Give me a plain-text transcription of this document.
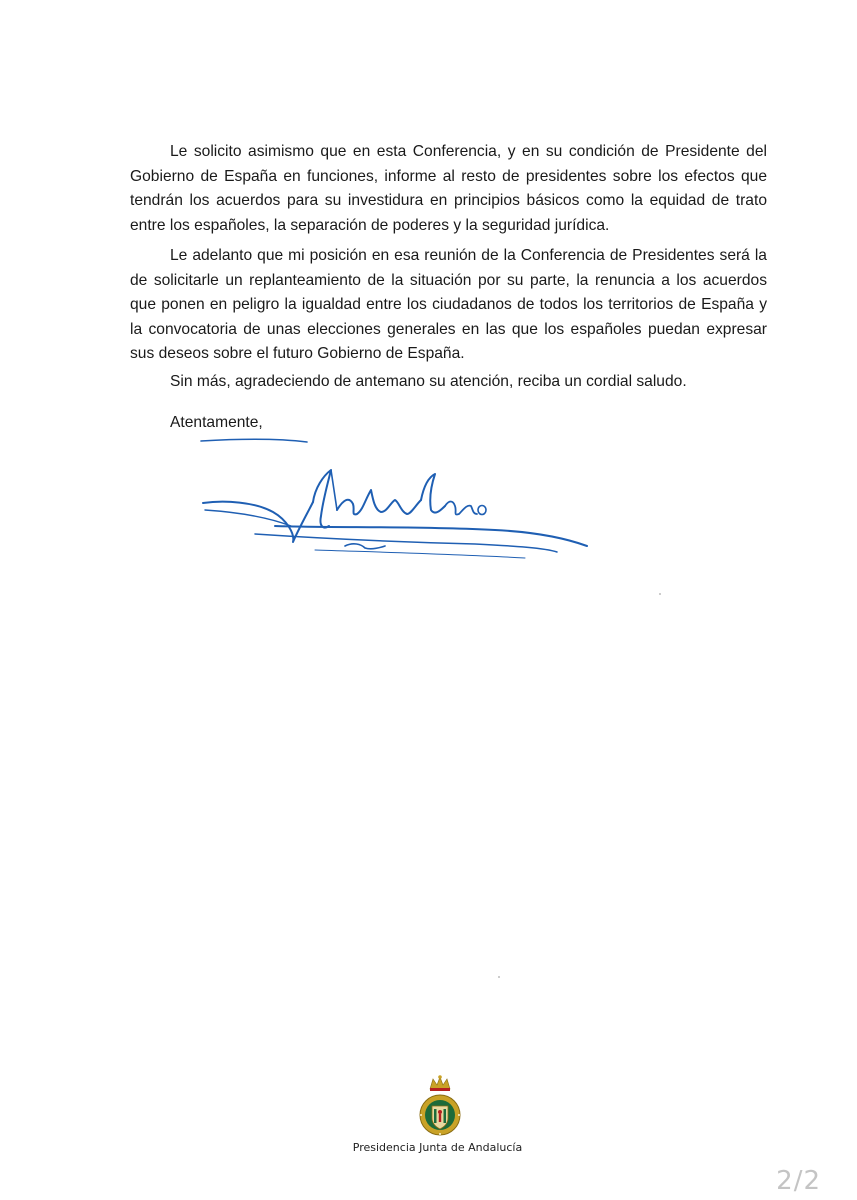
Le solicito asimismo que en esta Conferencia, y en su condición de Presidente del Gobierno de España en funciones, informe al resto de presidentes sobre los efectos que tendrán los acuerdos para su investidura en principios básicos como la equidad de trato entre los españoles, la separación de poderes y la seguridad jurídica.

Le adelanto que mi posición en esa reunión de la Conferencia de Presidentes será la de solicitarle un replanteamiento de la situación por su parte, la renuncia a los acuerdos que ponen en peligro la igualdad entre los ciudadanos de todos los territorios de España y la convocatoria de unas elecciones generales en las que los españoles puedan expresar sus deseos sobre el futuro Gobierno de España.

Sin más, agradeciendo de antemano su atención, reciba un cordial saludo.

Atentamente,

Presidencia Junta de Andalucía
2/2
